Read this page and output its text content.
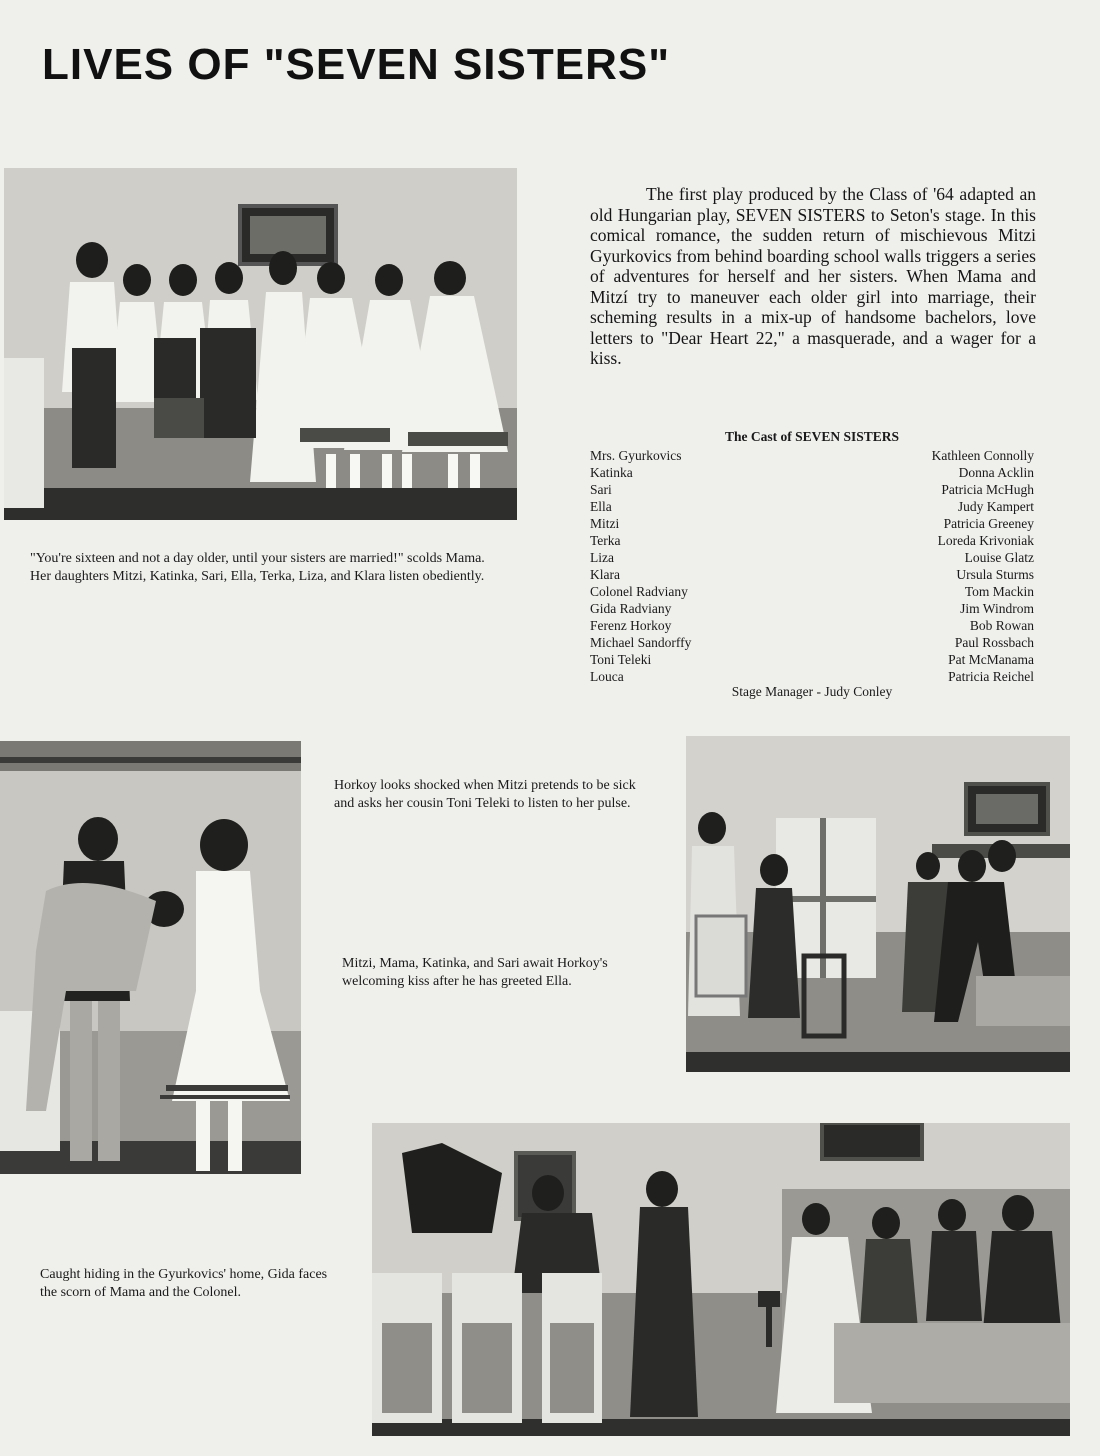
LIVES OF "SEVEN SISTERS"

The first play produced by the Class of '64 adapted an old Hungarian play, SEVEN SISTERS to Seton's stage. In this comical romance, the sudden return of mischievous Mitzi Gyurkovics from behind boarding school walls triggers a series of adventures for herself and her sisters. When Mama and Mitzí try to maneuver each older girl into marriage, their scheming results in a mix-up of handsome bachelors, love letters to "Dear Heart 22," a masquerade, and a wager for a kiss.

"You're sixteen and not a day older, until your sisters are married!" scolds Mama. Her daughters Mitzi, Katinka, Sari, Ella, Terka, Liza, and Klara listen obediently.

The Cast of SEVEN SISTERS
Mrs. Gyurkovics	Kathleen Connolly
Katinka	Donna Acklin
Sari	Patricia McHugh
Ella	Judy Kampert
Mitzi	Patricia Greeney
Terka	Loreda Krivoniak
Liza	Louise Glatz
Klara	Ursula Sturms
Colonel Radviany	Tom Mackin
Gida Radviany	Jim Windrom
Ferenz Horkoy	Bob Rowan
Michael Sandorffy	Paul Rossbach
Toni Teleki	Pat McManama
Louca	Patricia Reichel

Stage Manager - Judy Conley

Horkoy looks shocked when Mitzi pretends to be sick and asks her cousin Toni Teleki to listen to her pulse.

Mitzi, Mama, Katinka, and Sari await Horkoy's welcoming kiss after he has greeted Ella.

Caught hiding in the Gyurkovics' home, Gida faces the scorn of Mama and the Colonel.
